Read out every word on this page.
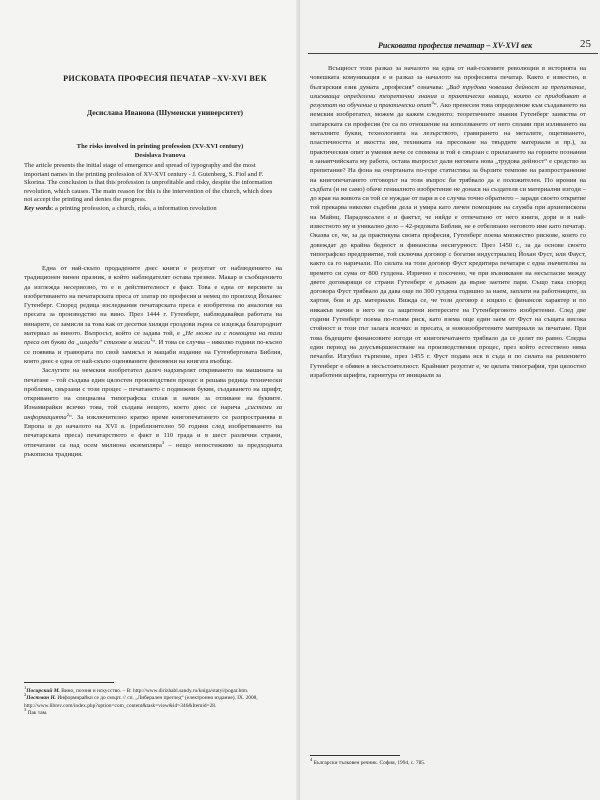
РИСКОВАТА ПРОФЕСИЯ ПЕЧАТАР –XV-XVI ВЕК
Десислава Иванова (Шуменски университет)
The risks involved in printing profession (XV-XVI century)
Desislava Ivanova

The article presents the initial stage of emergence and spread of typography and the most important names in the printing profession of XV-XVI century - J. Gutenberg, S. Fiol and F. Skorina. The conclusion is that this profession is unprofitable and risky, despite the information revolution, which causes. The main reason for this is the intervention of the church, which does not accept the printing and denies the progress.

Key words: a printing profession, a church, risks, a information revolution

Една от най-скъпо продадените днес книги е резултат от наблюдението на традиционен винен празник, в който наблюдателят остава трезвен. Макар и съобщението да изглежда несериозно, то е в действителност е факт. Това е една от версиите за изобретяването на печатарската преса от златар по професия и немец по произход Йоханес Гутенберг. Според редица изследвания печатарската преса е изобретена по аналогия на пресата за производство на вино. През 1444 г. Гутенберг, наблюдавайки работата на винарите, се замисля за това как от десетки хиляди гроздови зърна се изцежда благороднит материал за виното. Въпросът, който се задава той, е „Не може ли с помощта на тази преса от букви да „изцеди“ стихове и мисли$^1$“. И това се случва – няколко години по-късно се появява и гравюрата по свой замисъл и мащаби издание на Гутенберговата Библия, която днес е една от най-скъпо оценяваните феномени на книгата въобще.

Заслугите на немския изобретател далеч надхвърлят откриването на машината за печатане – той създава един цялостен производствен процес и решава редица технически проблеми, свързани с този процес – печатането с подвижни букви, създаването на шрифт, откриването на специална типографска сплав и начин за отливане на буквите. Изнамирайки всичко това, той създава нещото, което днес се нарича „системи за информацията$^2$“. За изключително кратко време книгопечатането се разпространява в Европа и до началото на XVI в. (приблизително 50 години след изобретяването на печатарската преса) печатарството е факт в 110 града и в шест различни страни, отпечатани са над осем милиона екземпляра$^3$ – нещо непостижимо за предходната ръкописна традиция.

$^1$Посирский М. Вино, поэзия и искусство. – В: http://www.dirizhabl.sandy.ru/kniga/statyi/pogar.htm.

$^2$Постман Н. Информирайки се до смърт. // сп. „Либерален преглед“ (електронно издание), IX. 2008, http://www.librev.com/index.php?option=com_content&task=view&id=346&Itemid=28.

$^3$ Пак там.

Рисковата професия печатар – XV-XVI век	25

Всъщност този разказ за началото на една от най-големите революции в историята на човешката комуникация е и разказ за началото на професията печатар. Както е известно, в българския език думата „професия“ означава: „Вид трудова човешка дейност за препитание, изискваща определени теоретични знания и практически навици, които се придобиват в резултат на обучение и практически опит$^4$“. Ако пренесем това определение към създаването на немския изобретател, можем да кажем следното: теоретичните знания Гутенберг заимства от златарската си професия (те са по отношение на използването от него сплави при изливането на металните букви, технологията на лезърството, гравирането на металите, ощетяването, пластичността и якостта им, техниката на пресоване на твърдите материали и пр.), за практическия опит и умения вече се спомена и той е свързан с прилагането на горните познания в занаятчийската му работа, остава въпросът дали неговата нова „трудова дейност“ е средство за препитание? На фона на очертаната по-горе статистика за бързите темпове на разпространение на книгопечатането отговорът на този въпрос би трябвало да е положителен. По ирония на съдбата (и не само) обаче гениалното изобретение не донася на създателя си материални изгоди – до края на живота си той се нуждае от пари и се случва точно обратното – заради своето откритие той прекарва няколко съдебни дела и умира като личен помощник на служба при архиепископа на Майнц. Парадоксален е и фактът, че няйде е отпечатано от него книги, дори и в най-известното му и уникално дело – 42-редовата Библия, не е отбелязано неговото име като печатар. Оказва се, че, за да практикува своята професия, Гутенберг поема множество рискове, които го довеждат до крайна бедност и финансова несигурност. През 1450 г., за да основе своето типографско предприятие, той сключва договор с богатия индустриалец Йохан Фуст, или Фауст, както са го наричали. По силата на този договор Фуст кредитира печатаря с една значителна за времето си сума от 800 гулдена. Изрично е посочено, че при възникване на несъгласие между двете договарящи се страни Гутенберг е длъжен да върне заетите пари. Също така според договора Фуст трябвало да дава още по 300 гулдена годишно за наем, заплати на работниците, за хартия, бои и др. материали. Вижда се, че този договор е изцяло с финансов характер и по никакъв начин в него не са защитени интересите на Гутенберговото изобретение. След две години Гутенберг поема по-голям риск, като взема още един заем от Фуст на същата висока стойност и този път залага всичко: и пресата, и новоизобретените материали за печатане. При това бъдещите финансовите изгоди от книгопечатането трябвало да се делят по равно. Следва един период на доусъвършенстване на производствения процес, през който естествено няма печалби. Изгубил търпение, през 1455 г. Фуст подава иск в съда и по силата на решението Гутенберг е обявен в несъстоятелност. Крайният резултат е, че цялата типография, три цялостно изработени шрифта, гарнитура от инициали за

$^4$ Български тълковен речник. София, 1994, с. 785.
